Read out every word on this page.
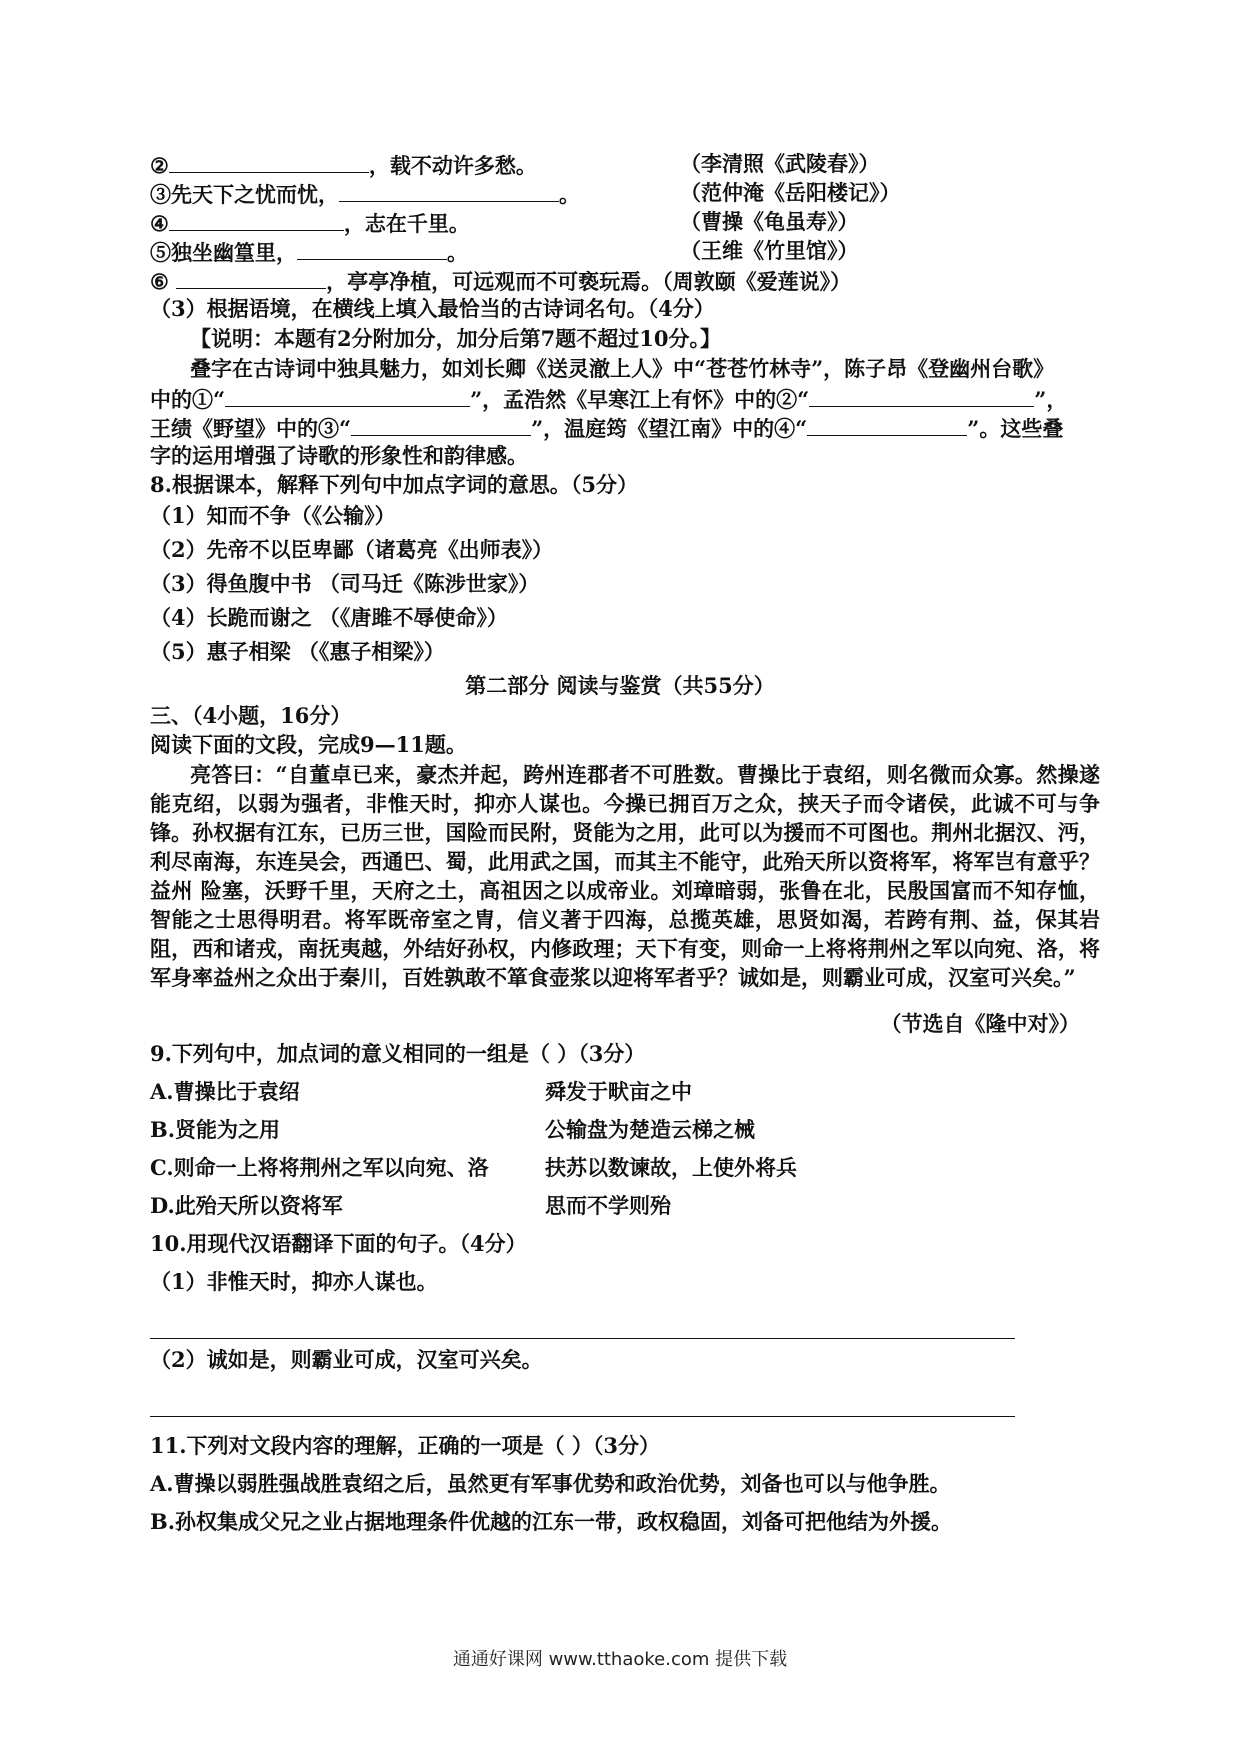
②	，载不动许多愁。	（李清照《武陵春》）
③先天下之忧而忧，	。	（范仲淹《岳阳楼记》）
④	，志在千里。	（曹操《龟虽寿》）
⑤独坐幽篁里，	。	（王维《竹里馆》）
⑥	，亭亭净植，可远观而不可亵玩焉。（周敦颐《爱莲说》）
（3）根据语境，在横线上填入最恰当的古诗词名句。（4分）
【说明：本题有2分附加分，加分后第7题不超过10分。】
叠字在古诗词中独具魅力，如刘长卿《送灵澈上人》中“苍苍竹林寺”，陈子昂《登幽州台歌》
中的①“	”，孟浩然《早寒江上有怀》中的②“	”，
王绩《野望》中的③“	”，温庭筠《望江南》中的④“	”。这些叠
字的运用增强了诗歌的形象性和韵律感。
8.根据课本，解释下列句中加点字词的意思。（5分）
（1）知而不争（《公输》）
（2）先帝不以臣卑鄙（诸葛亮《出师表》）
（3）得鱼腹中书 （司马迁《陈涉世家》）
（4）长跪而谢之 （《唐雎不辱使命》）
（5）惠子相梁 （《惠子相梁》）
第二部分 阅读与鉴赏（共55分）
三、（4小题，16分）
阅读下面的文段，完成9—11题。
亮答曰：“自董卓已来，豪杰并起，跨州连郡者不可胜数。曹操比于袁绍，则名微而众寡。然操遂能克绍，以弱为强者，非惟天时，抑亦人谋也。今操已拥百万之众，挟天子而令诸侯，此诚不可与争锋。孙权据有江东，已历三世，国险而民附，贤能为之用，此可以为援而不可图也。荆州北据汉、沔，利尽南海，东连吴会，西通巴、蜀，此用武之国，而其主不能守，此殆天所以资将军，将军岂有意乎？益州 险塞，沃野千里，天府之土，高祖因之以成帝业。刘璋暗弱，张鲁在北，民殷国富而不知存恤，智能之士思得明君。将军既帝室之胄，信义著于四海，总揽英雄，思贤如渴，若跨有荆、益，保其岩阻，西和诸戎，南抚夷越，外结好孙权，内修政理；天下有变，则命一上将将荆州之军以向宛、洛，将军身率益州之众出于秦川，百姓孰敢不箪食壶浆以迎将军者乎？诚如是，则霸业可成，汉室可兴矣。”
（节选自《隆中对》）
9.下列句中，加点词的意义相同的一组是（ ）（3分）
A.曹操比于袁绍	舜发于畎亩之中
B.贤能为之用	公输盘为楚造云梯之械
C.则命一上将将荆州之军以向宛、洛	扶苏以数谏故，上使外将兵
D.此殆天所以资将军	思而不学则殆
10.用现代汉语翻译下面的句子。（4分）
（1）非惟天时，抑亦人谋也。
（2）诚如是，则霸业可成，汉室可兴矣。
11.下列对文段内容的理解，正确的一项是（ ）（3分）
A.曹操以弱胜强战胜袁绍之后，虽然更有军事优势和政治优势，刘备也可以与他争胜。
B.孙权集成父兄之业占据地理条件优越的江东一带，政权稳固，刘备可把他结为外援。
通通好课网 www.tthaoke.com 提供下载
